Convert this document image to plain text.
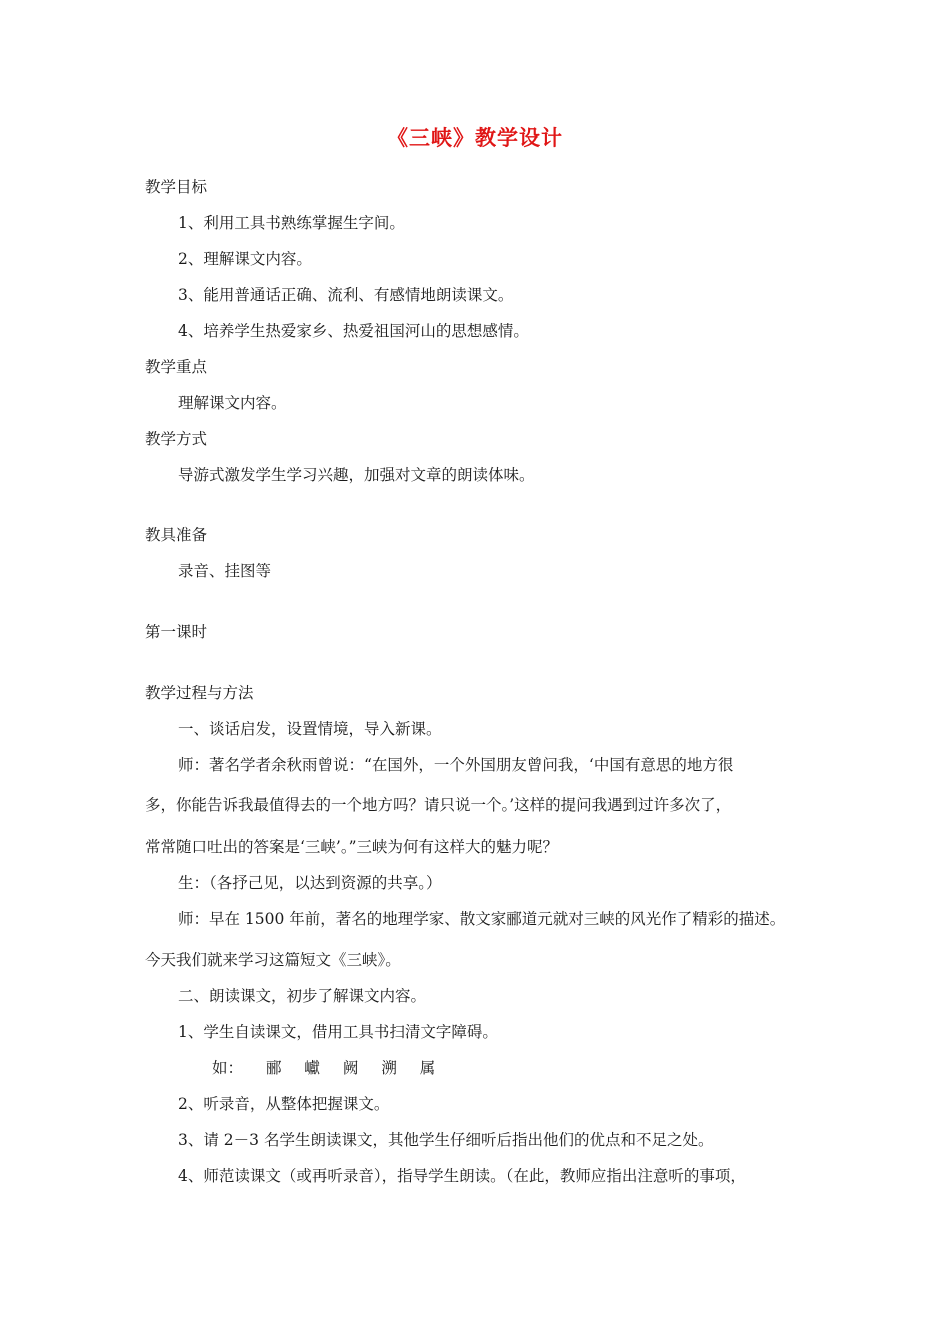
《三峡》教学设计
教学目标
1、利用工具书熟练掌握生字间。
2、理解课文内容。
3、能用普通话正确、流利、有感情地朗读课文。
4、培养学生热爱家乡、热爱祖国河山的思想感情。
教学重点
理解课文内容。
教学方式
导游式激发学生学习兴趣，加强对文章的朗读体味。
教具准备
录音、挂图等
第一课时
教学过程与方法
一、谈话启发，设置情境，导入新课。
师：著名学者余秋雨曾说：“在国外，一个外国朋友曾问我，‘中国有意思的地方很
多，你能告诉我最值得去的一个地方吗？请只说一个。’这样的提问我遇到过许多次了，
常常随口吐出的答案是‘三峡’。”三峡为何有这样大的魅力呢？
生：（各抒己见，以达到资源的共享。）
师：早在 1500 年前，著名的地理学家、散文家郦道元就对三峡的风光作了精彩的描述。
今天我们就来学习这篇短文《三峡》。
二、朗读课文，初步了解课文内容。
1、学生自读课文，借用工具书扫清文字障碍。
如： 郦 巘 阙 溯 属
2、听录音，从整体把握课文。
3、请 2－3 名学生朗读课文，其他学生仔细听后指出他们的优点和不足之处。
4、师范读课文（或再听录音），指导学生朗读。（在此，教师应指出注意听的事项，
